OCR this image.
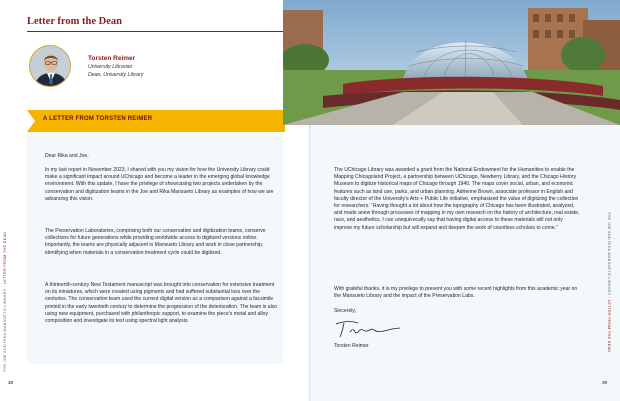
Letter from the Dean
Torsten Reimer
University Librarian
Dean, University Library
A LETTER FROM TORSTEN REIMER
Dear Rika and Joe,
In my last report in November 2023, I shared with you my vision for how the University Library could make a significant impact around UChicago and become a leader in the emerging global knowledge environment. With this update, I have the privilege of showcasing two projects undertaken by the conservation and digitization teams in the Joe and Rika Mansueto Library as examples of how we are advancing this vision.
The Preservation Laboratories, comprising both our conservation and digitization teams, conserve collections for future generations while providing worldwide access to digitized versions online. Importantly, the teams are physically adjacent in Mansueto Library and work in close partnership, identifying when materials in a conservation treatment cycle could be digitized.
A thirteenth-century New Testament manuscript was brought into conservation for extensive treatment on its miniatures, which were created using pigments and had suffered substantial loss over the centuries. The conservation team used the current digital version as a comparison against a facsimile printed in the early twentieth century to determine the progression of the deterioration. The team is also using new equipment, purchased with philanthropic support, to examine the piece’s metal and alloy composition and investigate its text using spectral light analysis.
The UChicago Library was awarded a grant from the National Endowment for the Humanities to enable the Mapping Chicagoland Project, a partnership between UChicago, Newberry Library, and the Chicago History Museum to digitize historical maps of Chicago through 1940. The maps cover social, urban, and economic features such as land use, parks, and urban planning. Adrienne Brown, associate professor in English and faculty director of the University’s Arts + Public Life initiative, emphasized the value of digitizing the collection for researchers: “Having thought a lot about how the topography of Chicago has been illustrated, analyzed, and made anew through processes of mapping in my own research on the history of architecture, real estate, race, and aesthetics, I can unequivocally say that having digital access to these materials will not only improve my future scholarship but will expand and deepen the work of countless scholars to come.”
With grateful thanks, it is my privilege to present you with some recent highlights from this academic year on the Mansueto Library and the impact of the Preservation Labs.
Sincerely,
Torsten Reimer
THE JOE AND RIKA MANSUETO LIBRARY · LETTER FROM THE DEAN	THE JOE AND RIKA MANSUETO LIBRARY · LETTER FROM THE DEAN
38	39
